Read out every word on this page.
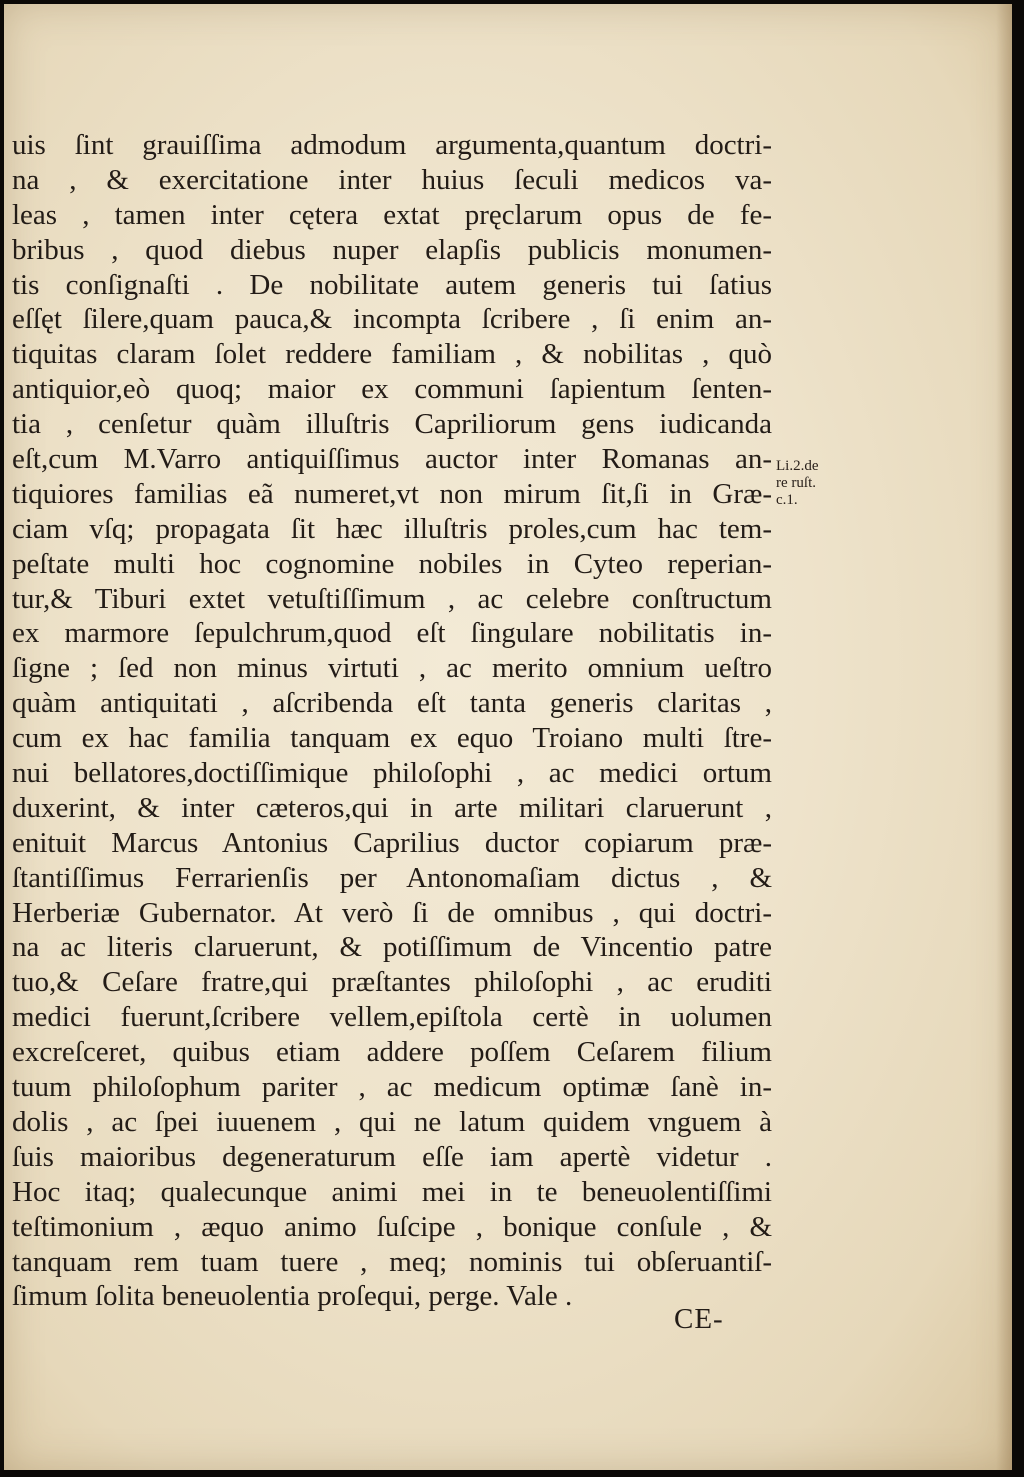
uis ſint grauiſſima admodum argumenta,quantum doctri-
na , & exercitatione inter huius ſeculi medicos va-
leas , tamen inter cętera extat pręclarum opus de fe-
bribus , quod diebus nuper elapſis publicis monumen-
tis conſignaſti . De nobilitate autem generis tui ſatius
eſſęt ſilere,quam pauca,& incompta ſcribere , ſi enim an-
tiquitas claram ſolet reddere familiam , & nobilitas , quò
antiquior,eò quoq; maior ex communi ſapientum ſenten-
tia , cenſetur quàm illuſtris Capriliorum gens iudicanda
eſt,cum M.Varro antiquiſſimus auctor inter Romanas an-
tiquiores familias eã numeret,vt non mirum ſit,ſi in Græ-
ciam vſq; propagata ſit hæc illuſtris proles,cum hac tem-
peſtate multi hoc cognomine nobiles in Cyteo reperian-
tur,& Tiburi extet vetuſtiſſimum , ac celebre conſtructum
ex marmore ſepulchrum,quod eſt ſingulare nobilitatis in-
ſigne ; ſed non minus virtuti , ac merito omnium ueſtro
quàm antiquitati , aſcribenda eſt tanta generis claritas ,
cum ex hac familia tanquam ex equo Troiano multi ſtre-
nui bellatores,doctiſſimique philoſophi , ac medici ortum
duxerint, & inter cæteros,qui in arte militari claruerunt ,
enituit Marcus Antonius Caprilius ductor copiarum præ-
ſtantiſſimus Ferrarienſis per Antonomaſiam dictus , &
Herberiæ Gubernator. At verò ſi de omnibus , qui doctri-
na ac literis claruerunt, & potiſſimum de Vincentio patre
tuo,& Ceſare fratre,qui præſtantes philoſophi , ac eruditi
medici fuerunt,ſcribere vellem,epiſtola certè in uolumen
excreſceret, quibus etiam addere poſſem Ceſarem filium
tuum philoſophum pariter , ac medicum optimæ ſanè in-
dolis , ac ſpei iuuenem , qui ne latum quidem vnguem à
ſuis maioribus degeneraturum eſſe iam apertè videtur .
Hoc itaq; qualecunque animi mei in te beneuolentiſſimi
teſtimonium , æquo animo ſuſcipe , bonique conſule , &
tanquam rem tuam tuere , meq; nominis tui obſeruantiſ-
ſimum ſolita beneuolentia proſequi, perge. Vale .
Li.2.de
re ruſt.
c.1.
CE-
